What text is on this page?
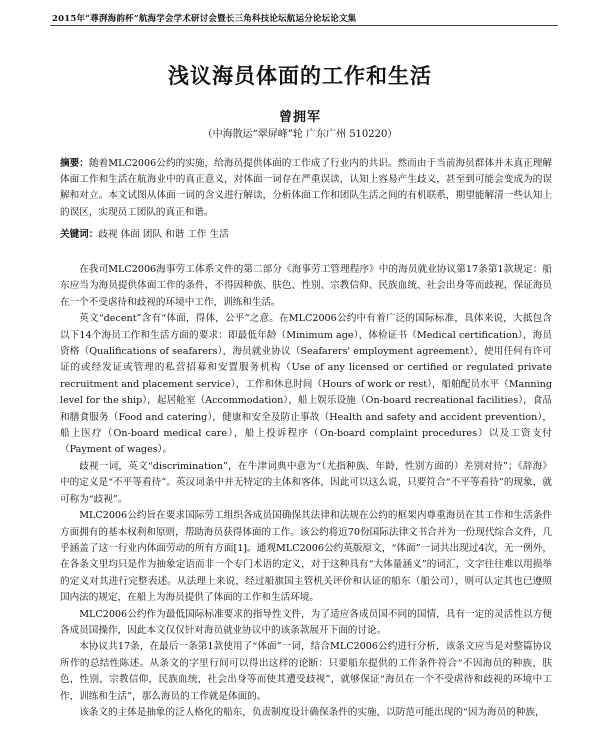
2015年“尊湃海韵杯”航海学会学术研讨会暨长三角科技论坛航运分论坛论文集
浅议海员体面的工作和生活
曾拥军
（中海散运“翠屏峰”轮 广东广州 510220）
摘要：随着MLC2006公约的实施，给海员提供体面的工作成了行业内的共识。然而由于当前海员群体并未真正理解体面工作和生活在航海业中的真正意义，对体面一词存在严重误读，认知上容易产生歧义，甚至到可能会变成为的误解和对立。本文试图从体面一词的含义进行解读，分析体面工作和团队生活之间的有机联系，期望能解清一些认知上的误区，实现员工团队的真正和谐。
关键词：歧视 体面 团队 和谐 工作 生活

在我司MLC2006海事劳工体系文件的第二部分《海事劳工管理程序》中的海员就业协议第17条第1款规定：船东应当为海员提供体面工作的条件，不得因种族、肤色、性别、宗教信仰、民族血统、社会出身等而歧视，保证海员在一个不受虐待和歧视的环境中工作，训练和生活。

英文“decent”含有“体面，得体，公平”之意。在MLC2006公约中有着广泛的国际标准，具体来说，大抵包含以下14个海员工作和生活方面的要求：即最低年龄（Minimum age），体检证书（Medical certification），海员资格（Qualifications of seafarers），海员就业协议（Seafarers' employment agreement），使用任何有许可证的或经发证或管理的私营招募和安置服务机构（Use of any licensed or certified or regulated private recruitment and placement service），工作和休息时间（Hours of work or rest），船舶配员水平（Manning level for the ship），起居舱室（Accommodation），船上娱乐设施（On-board recreational facilities），食品和膳食服务（Food and catering），健康和安全及防止事故（Health and safety and accident prevention），船上医疗（On-board medical care），船上投诉程序（On-board complaint procedures）以及工资支付（Payment of wages）。

歧视一词，英文“discrimination”，在牛津词典中意为“（尤指种族、年龄，性别方面的）差别对待”；《辞海》中的定义是“不平等看待”。英汉词条中并无特定的主体和客体，因此可以这么说，只要符合“不平等看待”的现象，就可称为“歧视”。

MLC2006公约旨在要求国际劳工组织各成员国确保其法律和法规在公约的框架内尊重海员在其工作和生活条件方面拥有的基本权利和原则，帮助海员获得体面的工作。该公约将近70份国际法律文书合并为一份现代综合文件，几乎涵盖了这一行业内体面劳动的所有方面[1]。通观MLC2006公约英版原文，“体面”一词共出现过4次，无一例外，在各条文里均只是作为抽象定语而非一个专门术语的定义，对于这种具有“大体量涵义”的词汇，文字往往难以用损举的定义对其进行完整表述。从法理上来说，经过船旗国主管机关评价和认证的船东（船公司），则可认定其也已遵照国内法的规定，在船上为海员提供了体面的工作和生活环境。

MLC2006公约作为最低国际标准要求的指导性文件，为了适应各成员国不同的国情，具有一定的灵活性以方便各成员国操作，因此本文仅仅针对海员就业协议中的该条款展开下面的讨论。

本协议共17条，在最后一条第1款使用了“体面”一词，结合MLC2006公约进行分析，该条文应当是对整篇协议所作的总结性陈述。从条文的字里行间可以得出这样的论断：只要船东提供的工作条件符合“不因海员的种族，肤色，性别，宗教信仰，民族血统，社会出身等而使其遭受歧视”，就够保证“海员在一个不受虐待和歧视的环境中工作，训练和生活”，那么海员的工作就是体面的。

该条文的主体是抽象的泛人格化的船东，负责制度设计确保条件的实施，以防范可能出现的“因为海员的种族，
